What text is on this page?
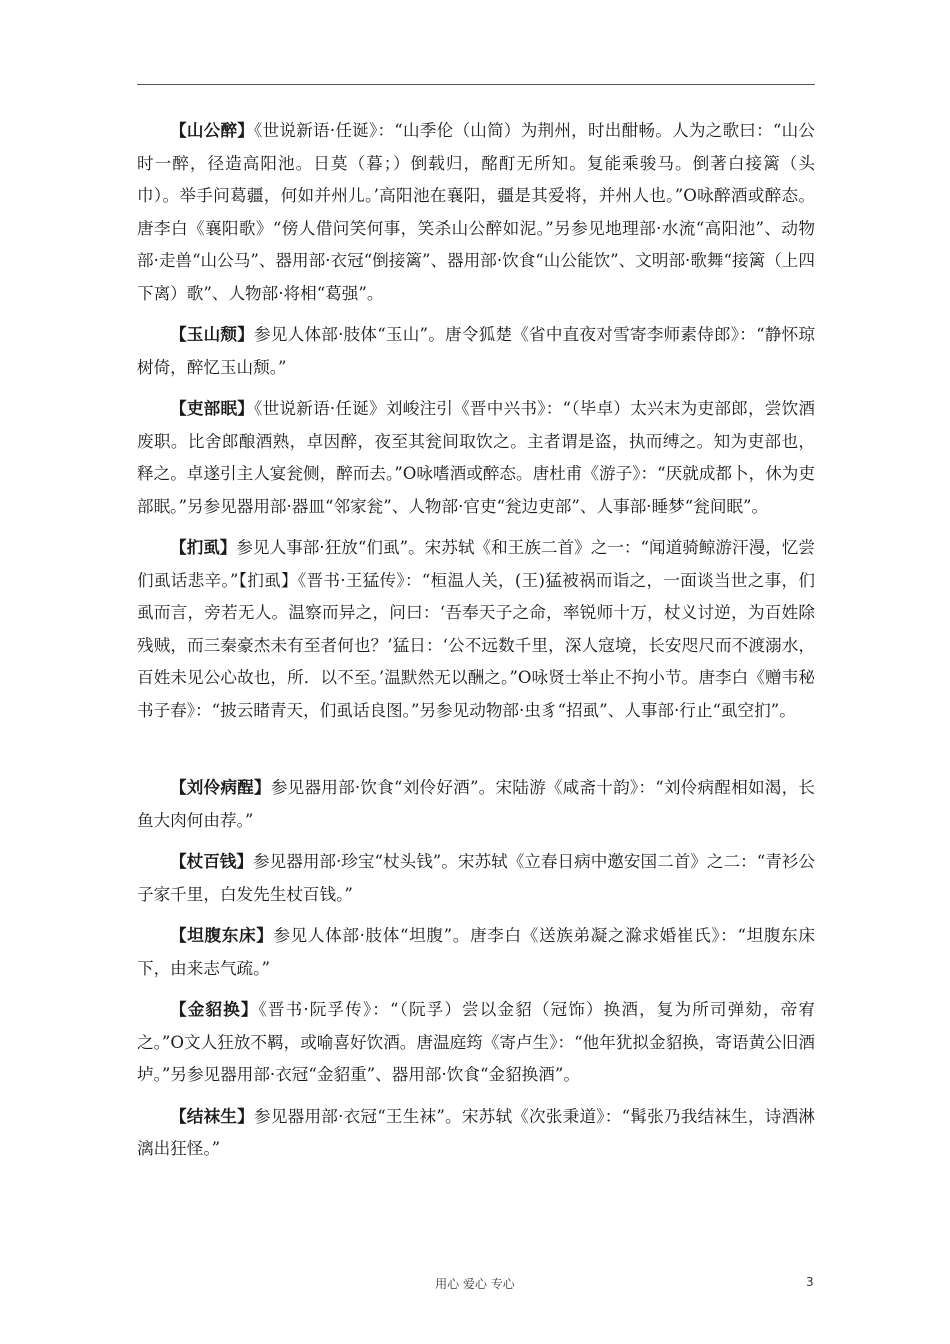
【山公醉】《世说新语·任诞》：“山季伦（山简）为荆州，时出酣畅。人为之歌曰：“山公时一醉，径造高阳池。日莫（暮；）倒载归，酩酊无所知。复能乘骏马。倒著白接篱（头巾）。举手问葛疆，何如并州儿。’高阳池在襄阳，疆是其爱将，并州人也。”O咏醉酒或醉态。唐李白《襄阳歌》“傍人借问笑何事，笑杀山公醉如泥。”另参见地理部·水流“高阳池”、动物部·走兽“山公马”、器用部·衣冠“倒接篱”、器用部·饮食“山公能饮”、文明部·歌舞“接篱（上四下离）歌”、人物部·将相“葛强”。

【玉山颓】参见人体部·肢体“玉山”。唐令狐楚《省中直夜对雪寄李师素侍郎》：“静怀琼树倚，醉忆玉山颓。”

【吏部眠】《世说新语·任诞》刘峻注引《晋中兴书》：“（毕卓）太兴末为吏部郎，尝饮酒废职。比舍郎酿酒熟，卓因醉，夜至其瓮间取饮之。主者谓是盗，执而缚之。知为吏部也，释之。卓遂引主人宴瓮侧，醉而去。”O咏嗜酒或醉态。唐杜甫《游子》：“厌就成都卜，休为吏部眠。”另参见器用部·器皿“邻家瓮”、人物部·官吏“瓮边吏部”、人事部·睡梦“瓮间眠”。

【扪虱】参见人事部·狂放“们虱”。宋苏轼《和王族二首》之一：“闻道骑鲸游汗漫，忆尝们虱话悲辛。”【扪虱】《晋书·王猛传》：“桓温人关，(王)猛被祸而诣之，一面谈当世之事，们虱而言，旁若无人。温察而异之，问曰：‘吾奉天子之命，率锐师十万，杖义讨逆，为百姓除残贼，而三秦豪杰未有至者何也？’猛日：‘公不远数千里，深人寇境，长安咫尺而不渡溺水，百姓未见公心故也，所．以不至。’温默然无以酬之。”O咏贤士举止不拘小节。唐李白《赠韦秘书子春》：“披云睹青天，们虱话良图。”另参见动物部·虫豸“招虱”、人事部·行止“虱空扪”。

【刘伶病酲】参见器用部·饮食“刘伶好酒”。宋陆游《咸斋十韵》：“刘伶病酲相如渴，长鱼大肉何由荐。”

【杖百钱】参见器用部·珍宝“杖头钱”。宋苏轼《立春日病中邀安国二首》之二：“青衫公子家千里，白发先生杖百钱。”

【坦腹东床】参见人体部·肢体“坦腹”。唐李白《送族弟凝之滁求婚崔氏》：“坦腹东床下，由来志气疏。”

【金貂换】《晋书·阮孚传》：“（阮孚）尝以金貂（冠饰）换酒，复为所司弹劾，帝宥之。”O文人狂放不羁，或喻喜好饮酒。唐温庭筠《寄卢生》：“他年犹拟金貂换，寄语黄公旧酒垆。”另参见器用部·衣冠“金貂重”、器用部·饮食“金貂换酒”。

【结袜生】参见器用部·衣冠“王生袜”。宋苏轼《次张秉道》：“髯张乃我结袜生，诗酒淋漓出狂怪。”

用心 爱心 专心	3
